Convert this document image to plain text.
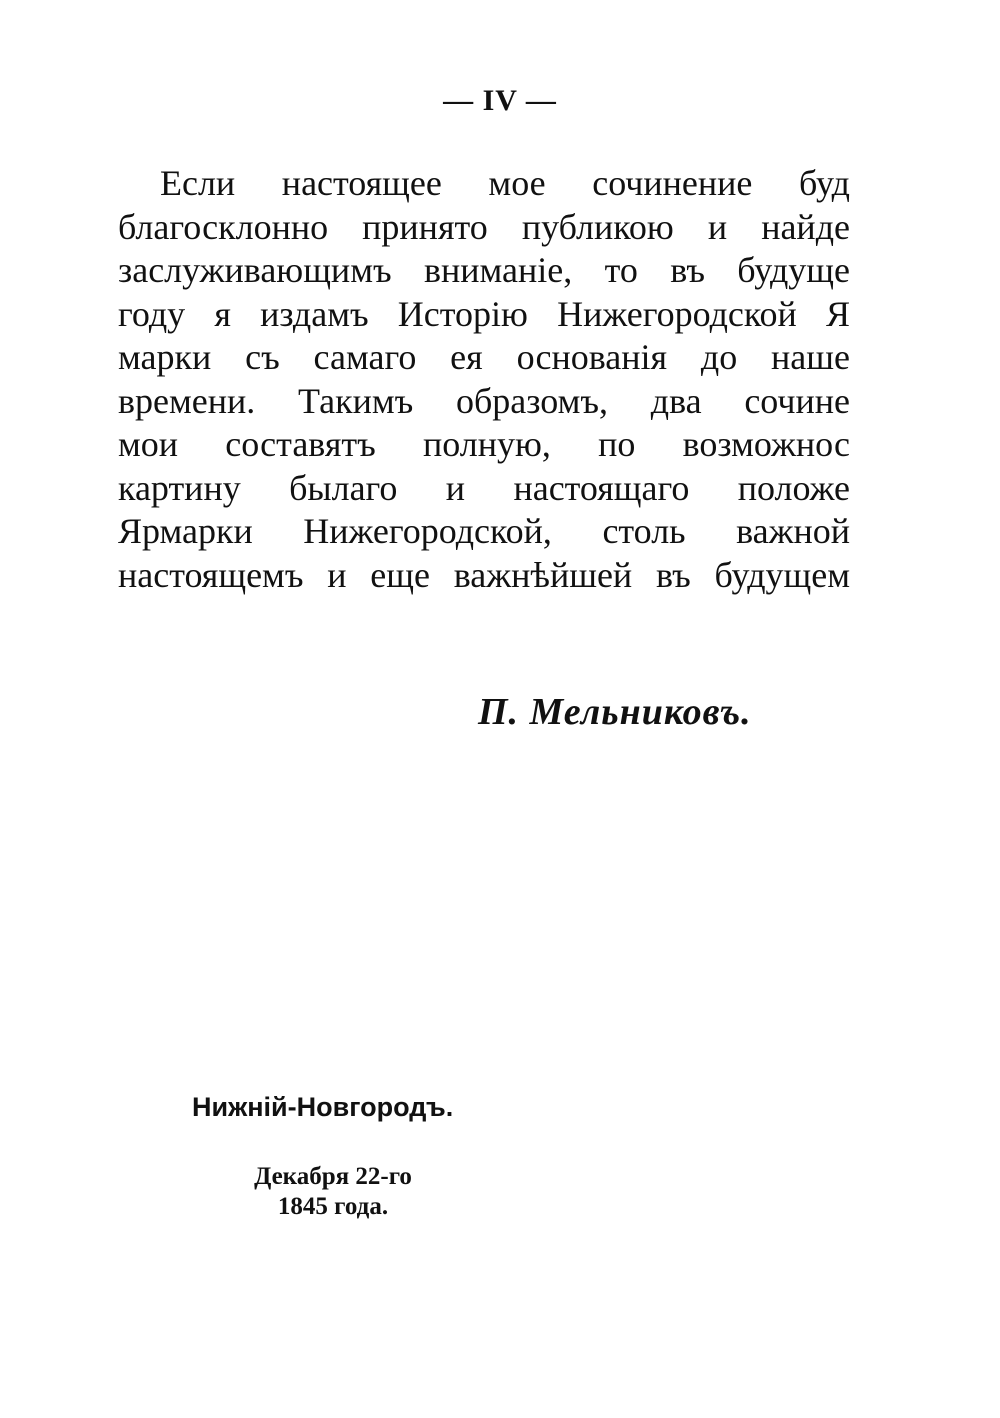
— IV —
Если настоящее мое сочинение буд
благосклонно принято публикою и найде
заслуживающимъ вниманіе, то въ будуще
году я издамъ Исторію Нижегородской Я
марки съ самаго ея основанія до наше
времени. Такимъ образомъ, два сочине
мои составятъ полную, по возможнос
картину былаго и настоящаго положе
Ярмарки Нижегородской, столь важной
настоящемъ и еще важнѣйшей въ будущем
П. Мельниковъ.
Нижній-Новгородъ.
Декабря 22-го
1845 года.
